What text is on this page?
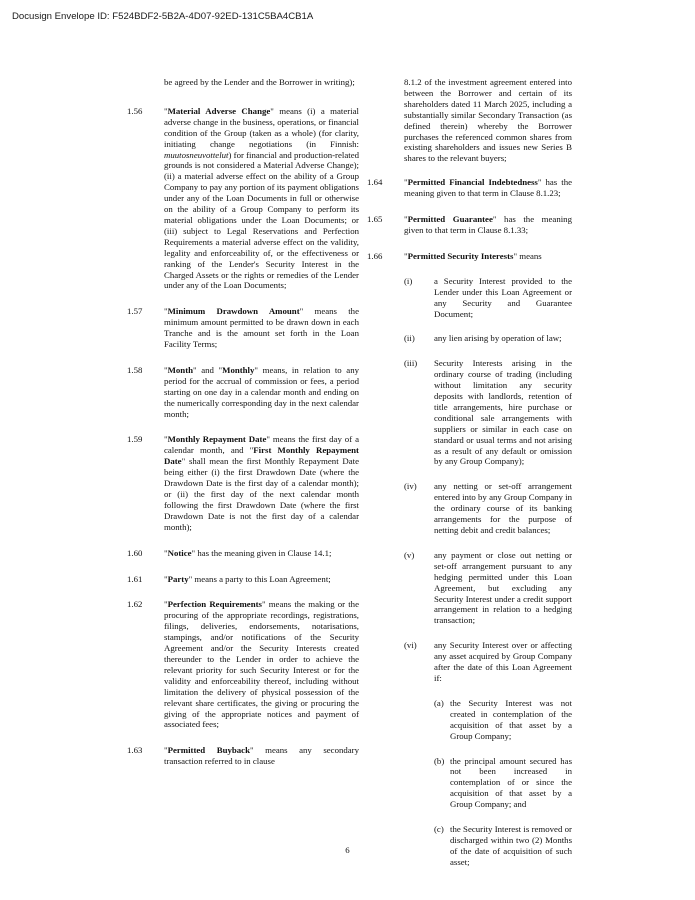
Docusign Envelope ID: F524BDF2-5B2A-4D07-92ED-131C5BA4CB1A
be agreed by the Lender and the Borrower in writing);
1.56 "Material Adverse Change" means (i) a material adverse change in the business, operations, or financial condition of the Group (taken as a whole) (for clarity, initiating change negotiations (in Finnish: muutosneuvottelut) for financial and production-related grounds is not considered a Material Adverse Change); (ii) a material adverse effect on the ability of a Group Company to pay any portion of its payment obligations under any of the Loan Documents in full or otherwise on the ability of a Group Company to perform its material obligations under the Loan Documents; or (iii) subject to Legal Reservations and Perfection Requirements a material adverse effect on the validity, legality and enforceability of, or the effectiveness or ranking of the Lender's Security Interest in the Charged Assets or the rights or remedies of the Lender under any of the Loan Documents;
1.57 "Minimum Drawdown Amount" means the minimum amount permitted to be drawn down in each Tranche and is the amount set forth in the Loan Facility Terms;
1.58 "Month" and "Monthly" means, in relation to any period for the accrual of commission or fees, a period starting on one day in a calendar month and ending on the numerically corresponding day in the next calendar month;
1.59 "Monthly Repayment Date" means the first day of a calendar month, and "First Monthly Repayment Date" shall mean the first Monthly Repayment Date being either (i) the first Drawdown Date (where the Drawdown Date is the first day of a calendar month); or (ii) the first day of the next calendar month following the first Drawdown Date (where the first Drawdown Date is not the first day of a calendar month);
1.60 "Notice" has the meaning given in Clause 14.1;
1.61 "Party" means a party to this Loan Agreement;
1.62 "Perfection Requirements" means the making or the procuring of the appropriate recordings, registrations, filings, deliveries, endorsements, notarisations, stampings, and/or notifications of the Security Agreement and/or the Security Interests created thereunder to the Lender in order to achieve the relevant priority for such Security Interest or for the validity and enforceability thereof, including without limitation the delivery of physical possession of the relevant share certificates, the giving or procuring the giving of the appropriate notices and payment of associated fees;
1.63 "Permitted Buyback" means any secondary transaction referred to in clause
8.1.2 of the investment agreement entered into between the Borrower and certain of its shareholders dated 11 March 2025, including a substantially similar Secondary Transaction (as defined therein) whereby the Borrower purchases the referenced common shares from existing shareholders and issues new Series B shares to the relevant buyers;
1.64 "Permitted Financial Indebtedness" has the meaning given to that term in Clause 8.1.23;
1.65 "Permitted Guarantee" has the meaning given to that term in Clause 8.1.33;
1.66 "Permitted Security Interests" means
(i) a Security Interest provided to the Lender under this Loan Agreement or any Security and Guarantee Document;
(ii) any lien arising by operation of law;
(iii) Security Interests arising in the ordinary course of trading (including without limitation any security deposits with landlords, retention of title arrangements, hire purchase or conditional sale arrangements with suppliers or similar in each case on standard or usual terms and not arising as a result of any default or omission by any Group Company);
(iv) any netting or set-off arrangement entered into by any Group Company in the ordinary course of its banking arrangements for the purpose of netting debit and credit balances;
(v) any payment or close out netting or set-off arrangement pursuant to any hedging permitted under this Loan Agreement, but excluding any Security Interest under a credit support arrangement in relation to a hedging transaction;
(vi) any Security Interest over or affecting any asset acquired by Group Company after the date of this Loan Agreement if:
(a) the Security Interest was not created in contemplation of the acquisition of that asset by a Group Company;
(b) the principal amount secured has not been increased in contemplation of or since the acquisition of that asset by a Group Company; and
(c) the Security Interest is removed or discharged within two (2) Months of the date of acquisition of such asset;
6
